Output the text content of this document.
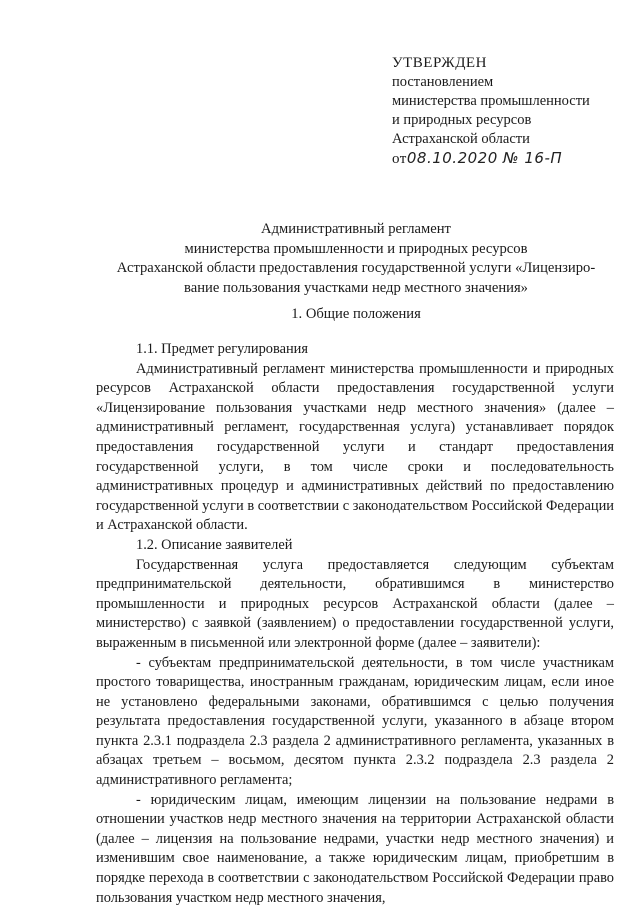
УТВЕРЖДЕН
постановлением
министерства промышленности
и природных ресурсов
Астраханской области
от08.10.2020 № 16-П
Административный регламент
министерства промышленности и природных ресурсов
Астраханской области предоставления государственной услуги «Лицензиро-
вание пользования участками недр местного значения»
1. Общие положения

1.1. Предмет регулирования

Административный регламент министерства промышленности и природных ресурсов Астраханской области предоставления государственной услуги «Лицензирование пользования участками недр местного значения» (далее – административный регламент, государственная услуга) устанавливает порядок предоставления государственной услуги и стандарт предоставления государственной услуги, в том числе сроки и последовательность административных процедур и административных действий по предоставлению государственной услуги в соответствии с законодательством Российской Федерации и Астраханской области.

1.2. Описание заявителей

Государственная услуга предоставляется следующим субъектам предпринимательской деятельности, обратившимся в министерство промышленности и природных ресурсов Астраханской области (далее – министерство) с заявкой (заявлением) о предоставлении государственной услуги, выраженным в письменной или электронной форме (далее – заявители):

- субъектам предпринимательской деятельности, в том числе участникам простого товарищества, иностранным гражданам, юридическим лицам, если иное не установлено федеральными законами, обратившимся с целью получения результата предоставления государственной услуги, указанного в абзаце втором пункта 2.3.1 подраздела 2.3 раздела 2 административного регламента, указанных в абзацах третьем – восьмом, десятом пункта 2.3.2 подраздела 2.3 раздела 2 административного регламента;

- юридическим лицам, имеющим лицензии на пользование недрами в отношении участков недр местного значения на территории Астраханской области (далее – лицензия на пользование недрами, участки недр местного значения) и изменившим свое наименование, а также юридическим лицам, приобретшим в порядке перехода в соответствии с законодательством Российской Федерации право пользования участком недр местного значения,
